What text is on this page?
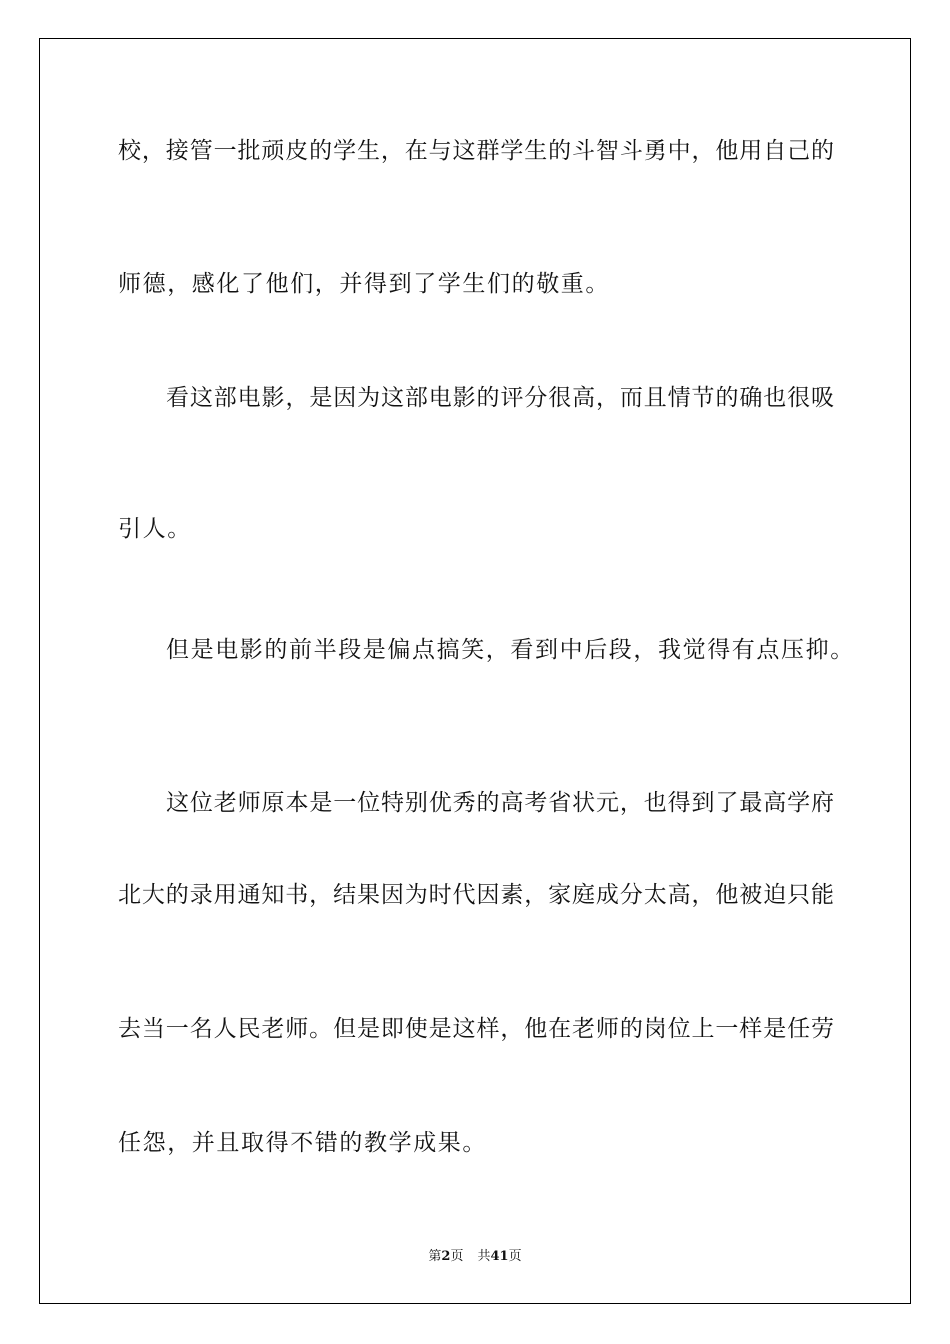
校，接管一批顽皮的学生，在与这群学生的斗智斗勇中，他用自己的

师德，感化了他们，并得到了学生们的敬重。

看这部电影，是因为这部电影的评分很高，而且情节的确也很吸

引人。

但是电影的前半段是偏点搞笑，看到中后段，我觉得有点压抑。

这位老师原本是一位特别优秀的高考省状元，也得到了最高学府

北大的录用通知书，结果因为时代因素，家庭成分太高，他被迫只能

去当一名人民老师。但是即使是这样，他在老师的岗位上一样是任劳

任怨，并且取得不错的教学成果。

第2页 共41页
